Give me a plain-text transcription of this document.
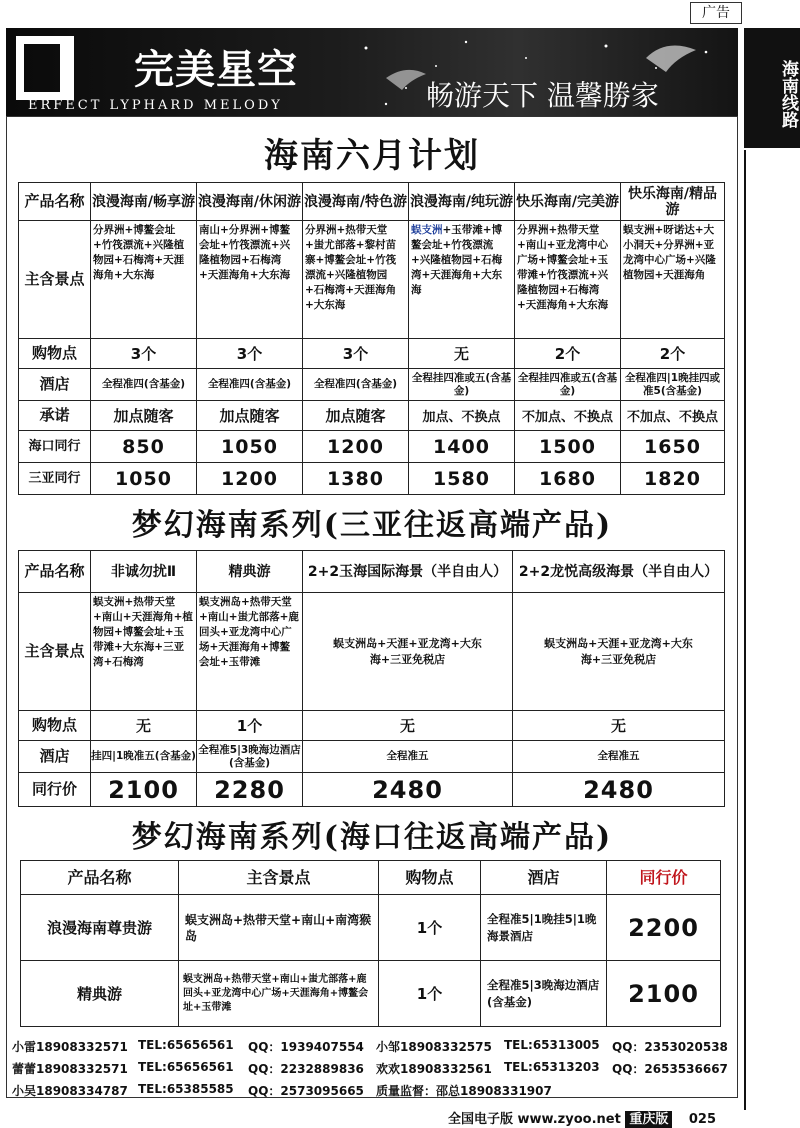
广告
海南线路
完美星空
ERFECT LYPHARD MELODY	畅游天下 温馨勝家
海南六月计划
产品名称	浪漫海南/畅享游	浪漫海南/休闲游	浪漫海南/特色游	浪漫海南/纯玩游	快乐海南/完美游	快乐海南/精品游
主含景点	分界洲+博鳌会址+竹筏漂流+兴隆植物园+石梅湾+天涯海角+大东海	南山+分界洲+博鳌会址+竹筏漂流+兴隆植物园+石梅湾+天涯海角+大东海	分界洲+热带天堂+蚩尤部落+黎村苗寨+博鳌会址+竹筏漂流+兴隆植物园+石梅湾+天涯海角+大东海	蜈支洲+玉带滩+博鳌会址+竹筏漂流+兴隆植物园+石梅湾+天涯海角+大东海	分界洲+热带天堂+南山+亚龙湾中心广场+博鳌会址+玉带滩+竹筏漂流+兴隆植物园+石梅湾+天涯海角+大东海	蜈支洲+呀诺达+大小洞天+分界洲+亚龙湾中心广场+兴隆植物园+天涯海角
购物点	3个	3个	3个	无	2个	2个
酒店	全程准四(含基金)	全程准四(含基金)	全程准四(含基金)	全程挂四准或五(含基金)	全程挂四准或五(含基金)	全程准四|1晚挂四或准5(含基金)
承诺	加点随客	加点随客	加点随客	加点、不换点	不加点、不换点	不加点、不换点
海口同行	850	1050	1200	1400	1500	1650
三亚同行	1050	1200	1380	1580	1680	1820
梦幻海南系列(三亚往返高端产品)
产品名称	非诚勿扰Ⅱ	精典游	2+2玉海国际海景（半自由人）	2+2龙悦高级海景（半自由人）
主含景点	蜈支洲+热带天堂+南山+天涯海角+植物园+博鳌会址+玉带滩+大东海+三亚湾+石梅湾	蜈支洲岛+热带天堂+南山+蚩尤部落+鹿回头+亚龙湾中心广场+天涯海角+博鳌会址+玉带滩	蜈支洲岛+天涯+亚龙湾+大东海+三亚免税店	蜈支洲岛+天涯+亚龙湾+大东海+三亚免税店
购物点	无	1个	无	无
酒店	挂四|1晚准五(含基金)	全程准5|3晚海边酒店(含基金)	全程准五	全程准五
同行价	2100	2280	2480	2480
梦幻海南系列(海口往返高端产品)
产品名称	主含景点	购物点	酒店	同行价
浪漫海南尊贵游	蜈支洲岛+热带天堂+南山+南湾猴岛	1个	全程准5|1晚挂5|1晚海景酒店	2200
精典游	蜈支洲岛+热带天堂+南山+蚩尤部落+鹿回头+亚龙湾中心广场+天涯海角+博鳌会址+玉带滩	1个	全程准5|3晚海边酒店(含基金)	2100
小雷18908332571 TEL:65656561 QQ：1939407554 小邹18908332575 TEL:65313005 QQ：2353020538
蕾蕾18908332571 TEL:65656561 QQ：2232889836 欢欢18908332561 TEL:65313203 QQ：2653536667
小吴18908334787 TEL:65385585 QQ：2573095665 质量监督：邵总18908331907
全国电子版 www.zyoo.net 重庆版 025
